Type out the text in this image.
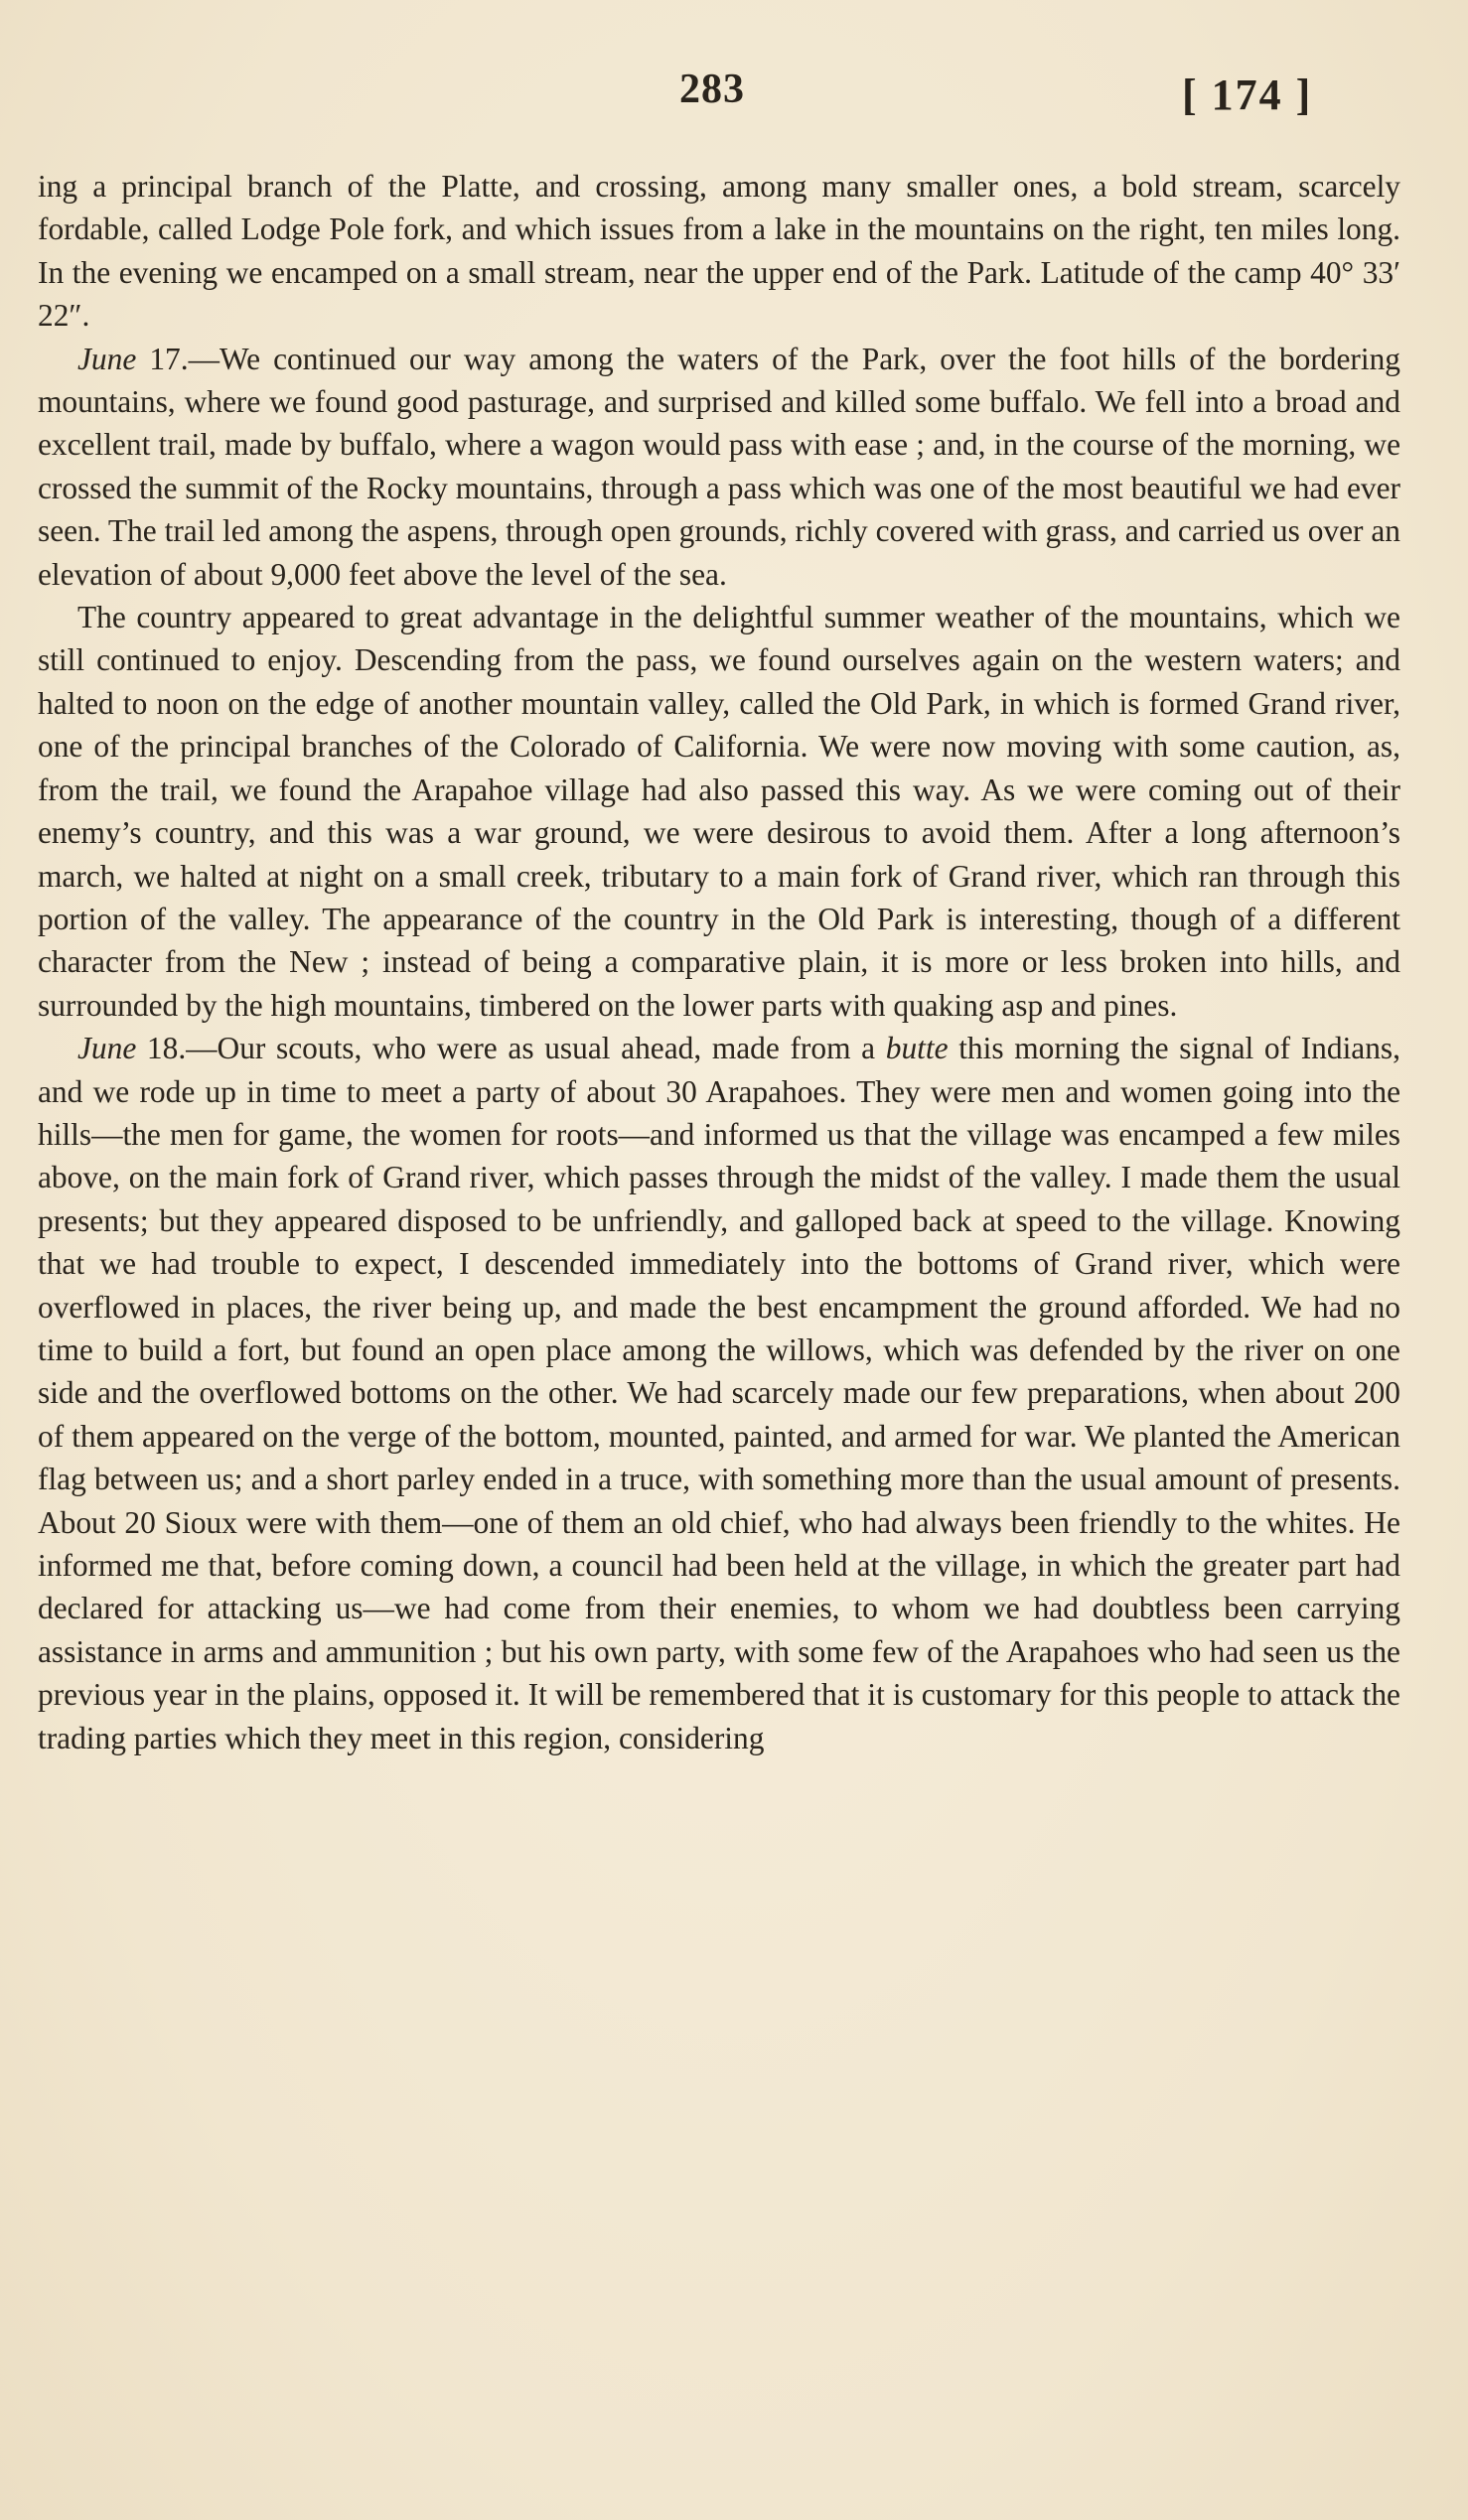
283	[ 174 ]

ing a principal branch of the Platte, and crossing, among many smaller ones, a bold stream, scarcely fordable, called Lodge Pole fork, and which issues from a lake in the mountains on the right, ten miles long. In the evening we encamped on a small stream, near the upper end of the Park. Latitude of the camp 40° 33′ 22″.

June 17.—We continued our way among the waters of the Park, over the foot hills of the bordering mountains, where we found good pasturage, and surprised and killed some buffalo. We fell into a broad and excellent trail, made by buffalo, where a wagon would pass with ease ; and, in the course of the morning, we crossed the summit of the Rocky mountains, through a pass which was one of the most beautiful we had ever seen. The trail led among the aspens, through open grounds, richly covered with grass, and carried us over an elevation of about 9,000 feet above the level of the sea.

The country appeared to great advantage in the delightful summer weather of the mountains, which we still continued to enjoy. Descending from the pass, we found ourselves again on the western waters; and halted to noon on the edge of another mountain valley, called the Old Park, in which is formed Grand river, one of the principal branches of the Colorado of California. We were now moving with some caution, as, from the trail, we found the Arapahoe village had also passed this way. As we were coming out of their enemy’s country, and this was a war ground, we were desirous to avoid them. After a long afternoon’s march, we halted at night on a small creek, tributary to a main fork of Grand river, which ran through this portion of the valley. The appearance of the country in the Old Park is interesting, though of a different character from the New ; instead of being a comparative plain, it is more or less broken into hills, and surrounded by the high mountains, timbered on the lower parts with quaking asp and pines.

June 18.—Our scouts, who were as usual ahead, made from a butte this morning the signal of Indians, and we rode up in time to meet a party of about 30 Arapahoes. They were men and women going into the hills—the men for game, the women for roots—and informed us that the village was encamped a few miles above, on the main fork of Grand river, which passes through the midst of the valley. I made them the usual presents; but they appeared disposed to be unfriendly, and galloped back at speed to the village. Knowing that we had trouble to expect, I descended immediately into the bottoms of Grand river, which were overflowed in places, the river being up, and made the best encampment the ground afforded. We had no time to build a fort, but found an open place among the willows, which was defended by the river on one side and the overflowed bottoms on the other. We had scarcely made our few preparations, when about 200 of them appeared on the verge of the bottom, mounted, painted, and armed for war. We planted the American flag between us; and a short parley ended in a truce, with something more than the usual amount of presents. About 20 Sioux were with them—one of them an old chief, who had always been friendly to the whites. He informed me that, before coming down, a council had been held at the village, in which the greater part had declared for attacking us—we had come from their enemies, to whom we had doubtless been carrying assistance in arms and ammunition ; but his own party, with some few of the Arapahoes who had seen us the previous year in the plains, opposed it. It will be remembered that it is customary for this people to attack the trading parties which they meet in this region, considering
